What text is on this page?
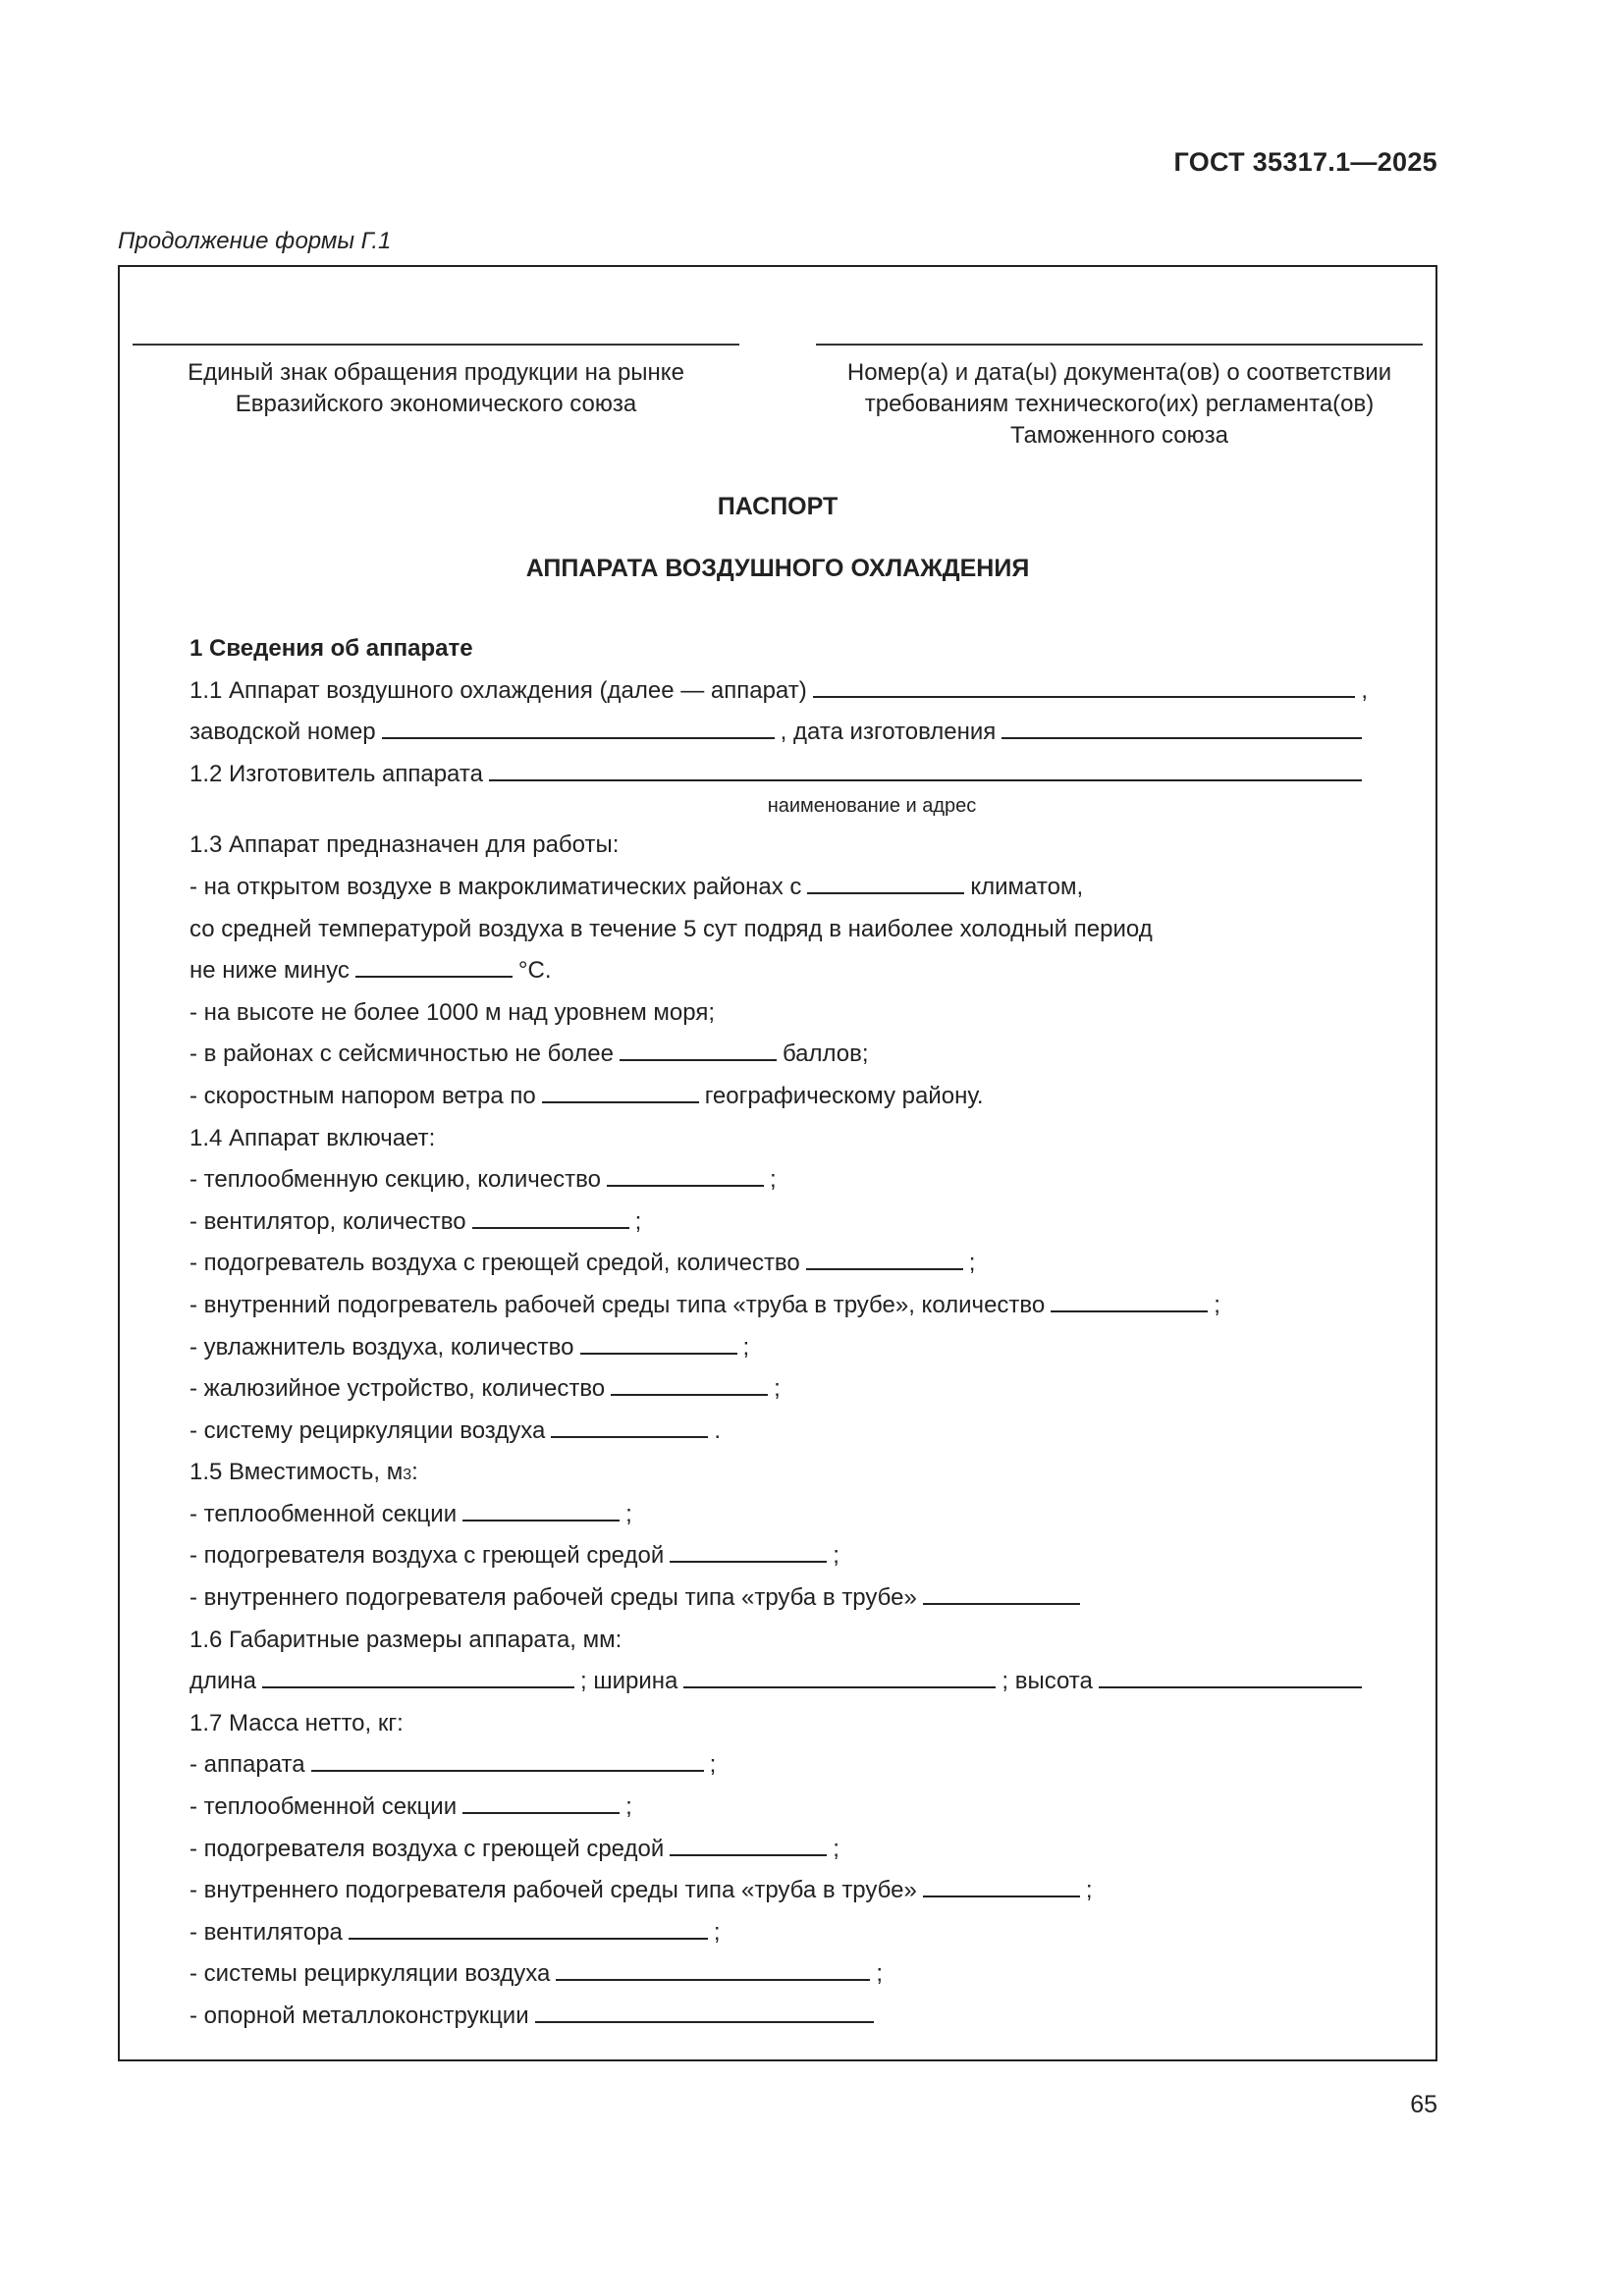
ГОСТ 35317.1—2025
Продолжение формы Г.1
Единый знак обращения продукции на рынке
Евразийского экономического союза
Номер(а) и дата(ы) документа(ов) о соответствии
требованиям технического(их) регламента(ов)
Таможенного союза
ПАСПОРТ
АППАРАТА ВОЗДУШНОГО ОХЛАЖДЕНИЯ
1 Сведения об аппарате
1.1 Аппарат воздушного охлаждения (далее — аппарат)	,
заводской номер	, дата изготовления
1.2 Изготовитель аппарата
наименование и адрес
1.3 Аппарат предназначен для работы:
- на открытом воздухе в макроклиматических районах с	климатом,
со средней температурой воздуха в течение 5 сут подряд в наиболее холодный период
не ниже минус	°С.
- на высоте не более 1000 м над уровнем моря;
- в районах с сейсмичностью не более	баллов;
- скоростным напором ветра по	географическому району.
1.4 Аппарат включает:
- теплообменную секцию, количество	;
- вентилятор, количество	;
- подогреватель воздуха с греющей средой, количество	;
- внутренний подогреватель рабочей среды типа «труба в трубе», количество	;
- увлажнитель воздуха, количество	;
- жалюзийное устройство, количество	;
- систему рециркуляции воздуха	.
1.5 Вместимость, м 3 :
- теплообменной секции	;
- подогревателя воздуха с греющей средой	;
- внутреннего подогревателя рабочей среды типа «труба в трубе»
1.6 Габаритные размеры аппарата, мм:
длина	; ширина	; высота
1.7 Масса нетто, кг:
- аппарата	;
- теплообменной секции	;
- подогревателя воздуха с греющей средой	;
- внутреннего подогревателя рабочей среды типа «труба в трубе»	;
- вентилятора	;
- системы рециркуляции воздуха	;
- опорной металлоконструкции
65
